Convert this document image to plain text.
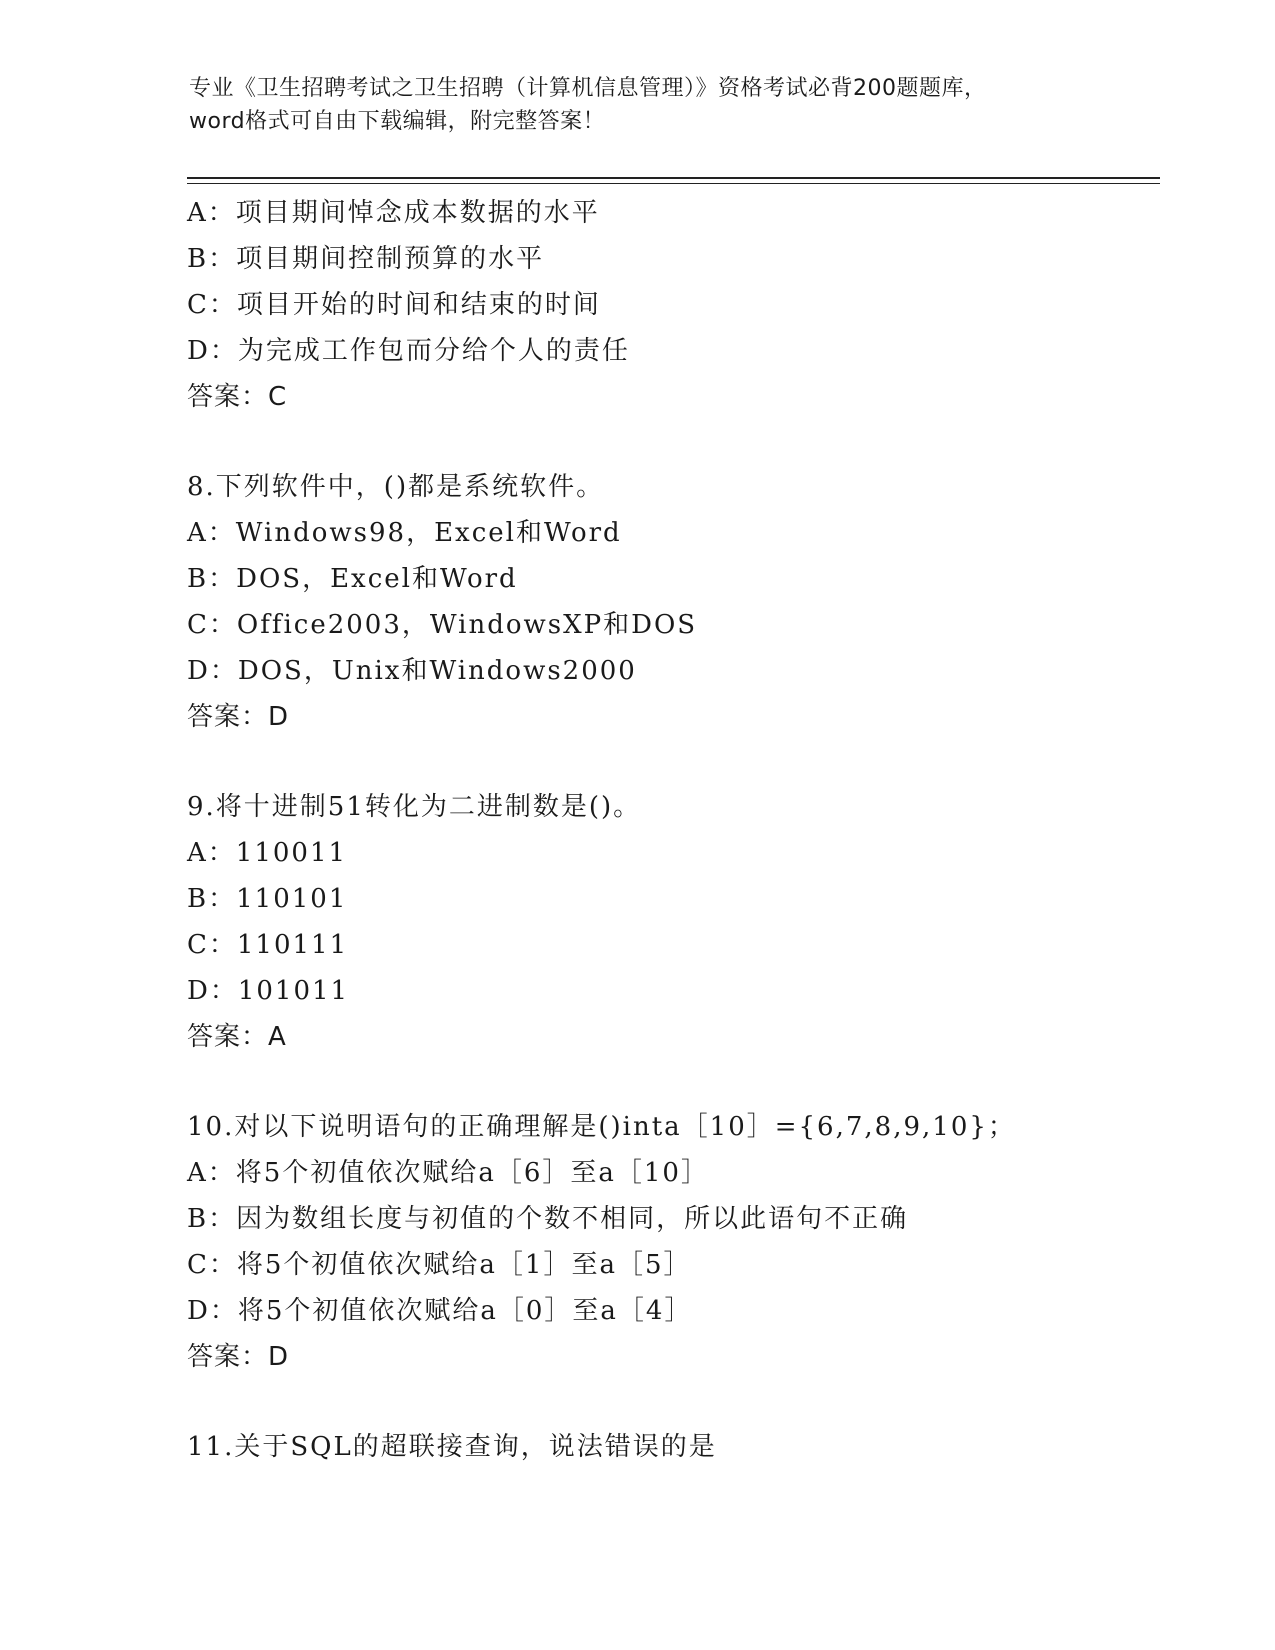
专业《卫生招聘考试之卫生招聘（计算机信息管理）》资格考试必背200题题库，
word格式可自由下载编辑，附完整答案！
A：项目期间悼念成本数据的水平
B：项目期间控制预算的水平
C：项目开始的时间和结束的时间
D：为完成工作包而分给个人的责任
答案：C
8.下列软件中，()都是系统软件。
A：Windows98，Excel和Word
B：DOS，Excel和Word
C：Office2003，WindowsXP和DOS
D：DOS，Unix和Windows2000
答案：D
9.将十进制51转化为二进制数是()。
A：110011
B：110101
C：110111
D：101011
答案：A
10.对以下说明语句的正确理解是()inta［10］={6,7,8,9,10}；
A：将5个初值依次赋给a［6］至a［10］
B：因为数组长度与初值的个数不相同，所以此语句不正确
C：将5个初值依次赋给a［1］至a［5］
D：将5个初值依次赋给a［0］至a［4］
答案：D
11.关于SQL的超联接查询，说法错误的是
